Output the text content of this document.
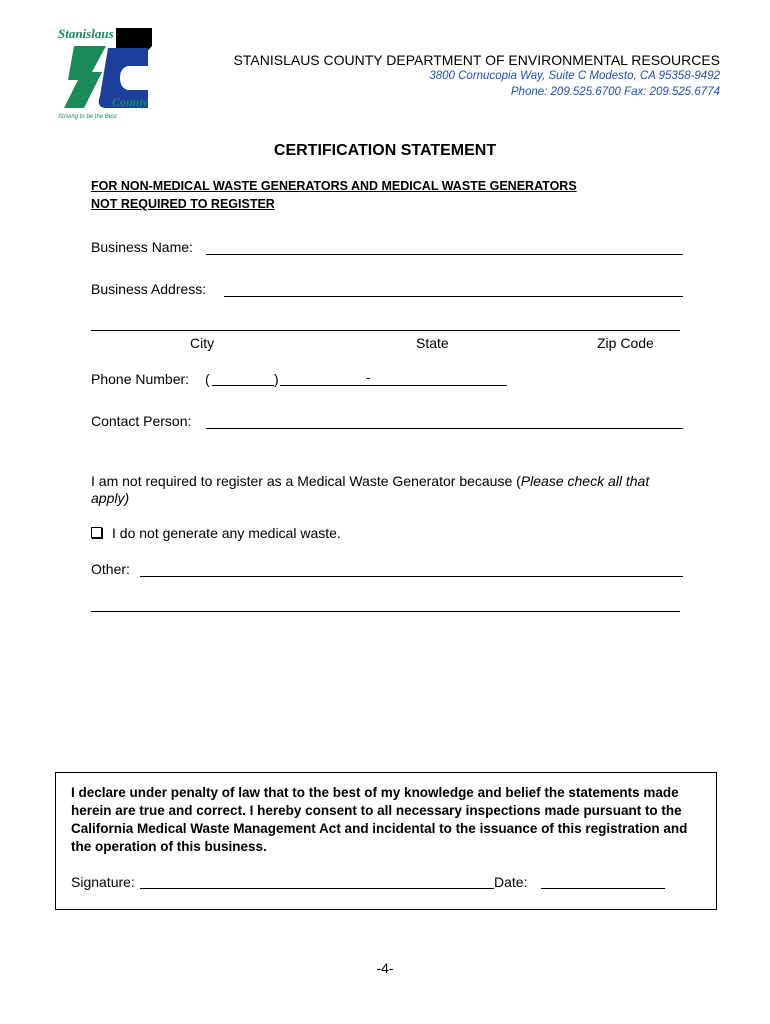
Stanislaus
County
Striving to be the Best
STANISLAUS COUNTY DEPARTMENT OF ENVIRONMENTAL RESOURCES
3800 Cornucopia Way, Suite C Modesto, CA 95358-9492
Phone: 209.525.6700 Fax: 209.525.6774
CERTIFICATION STATEMENT
FOR NON-MEDICAL WASTE GENERATORS AND MEDICAL WASTE GENERATORS
NOT REQUIRED TO REGISTER
Business Name:
Business Address:
City	State	Zip Code
Phone Number: (	)	-
Contact Person:
I am not required to register as a Medical Waste Generator because (Please check all that
apply)
I do not generate any medical waste.
Other:
I declare under penalty of law that to the best of my knowledge and belief the statements made herein are true and correct. I hereby consent to all necessary inspections made pursuant to the California Medical Waste Management Act and incidental to the issuance of this registration and the operation of this business.
Signature:	Date:
-4-
